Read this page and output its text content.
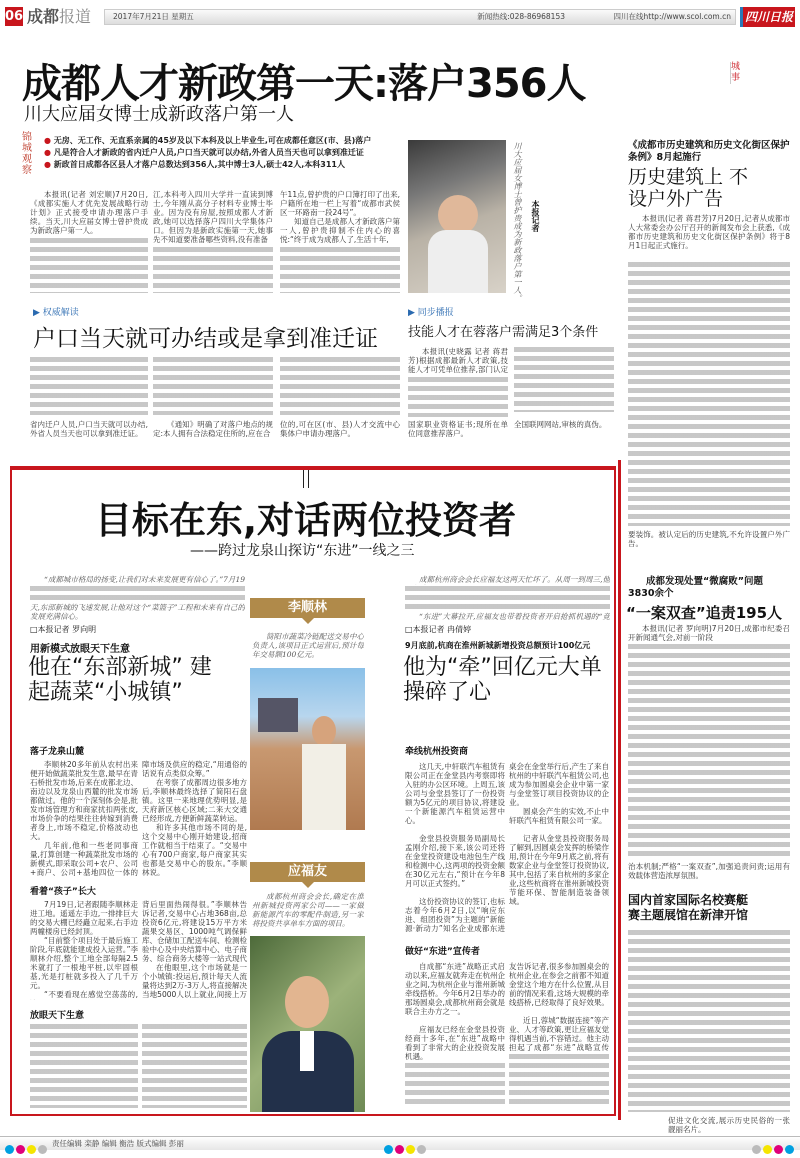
06 成都报道	2017年7月21日 星期五	新闻热线:028-86968153	四川在线http://www.scol.com.cn	四川日报
成都人才新政第一天:落户356人
川大应届女博士成新政落户第一人
城事
锦城观察
● 无房、无工作、无直系亲属的45岁及以下本科及以上毕业生,可在成都任意区(市、县)落户
● 凡是符合人才新政的省内迁户人员,户口当天就可以办结,外省人员当天也可以拿到准迁证
● 新政首日成都各区县人才落户总数达到356人,其中博士3人,硕士42人,本科311人
本报讯(记者 刘宏顺)7月20日,《成都实施人才优先发展战略行动计划》正式接受申请办理落户手续。当天,川大应届女博士曾护贵成为新政落户第一人。
江,本科考入四川大学并一直读到博士,今年刚从高分子材料专业博士毕业。因为没有房屋,按照成都人才新政,她可以选择落户四川大学集体户口。但因为是新政实施第一天,她事先不知道要准备哪些资料,没有准备
午11点,曾护贵的户口簿打印了出来,户籍所在地一栏上写着“成都市武侯区一环路南一段24号”。
知道自己是成都人才新政落户第一人,曾护贵抑制不住内心的喜悦:“终于成为成都人了,生活十年,	川大应届女博士曾护贵成为新政落户第一人。 本报记者
▶ 权威解读
户口当天就可办结或是拿到准迁证
省内迁户人员,户口当天就可以办结,外省人员当天也可以拿到准迁证。
《通知》明确了对落户地点的规定:本人拥有合法稳定住所的,应在合
位的,可在区(市、县)人才交流中心集体户申请办理落户。
▶ 同步播报
技能人才在蓉落户需满足3个条件
本报讯(史晓露 记者 蒋君芳)根据成都最新人才政策,技能人才可凭单位推荐,部门认定
国家职业资格证书;现所在单位同意推荐落户。
全国联网网站,审核的真伪。
《成都市历史建筑和历史文化街区保护条例》8月起施行
历史建筑上 不设户外广告
本报讯(记者 蒋君芳)7月20日,记者从成都市人大常委会办公厅召开的新闻发布会上获悉,《成都市历史建筑和历史文化街区保护条例》将于8月1日起正式施行。
要装饰。被认定后的历史建筑,不允许设置户外广告。
成都发现处置“微腐败”问题3830余个
“一案双查”追责195人
本报讯(记者 罗向明)7月20日,成都市纪委召开新闻通气会,对前一阶段
治本机制;严格“一案双查”,加强追责问责;运用有效载体营造浓厚氛围。
国内首家国际名校赛艇赛主题展馆在新津开馆
促进文化交流,展示历史民俗的一张靓丽名片。
目标在东,对话两位投资者
——跨过龙泉山探访“东进”一线之三
“成都城市格局的扬变,让我们对未来发展更有信心了。”7月19
天,东部新城的飞速发展,让他对这个“菜篮子”工程和未来有自己的发展充满信心。
成都杭州商会会长应福友这两天忙坏了。从周一到周三,他
“东进”大幕拉开,应福友也带着投资者开启抢抓机遇的“竞
李顺林
简阳市蔬菜冷链配送交易中心负责人,该项目正式运营后,预计每年交易额100亿元。
应福友
成都杭州商会会长,确定在淮州新城投资两家公司——一家做新能源汽车的零配件制造,另一家将投资共享单车方面的项目。
□本报记者 罗向明
用新模式放眼天下生意
他在“东部新城” 建起蔬菜“小城镇”
落子龙泉山麓
李顺林20多年前从农村出来便开始做蔬菜批发生意,最早在青石桥批发市场,后来在成都北边、南边以及龙泉山西麓的批发市场都做过。他的一个深刻体会是,批发市场管理方和商家扰扣两张皮,市场价争的结果往往转嫁到消费者身上,市场不稳定,价格波动也大。
几年前,他和一些老同事商量,打算创建一种蔬菜批发市场的新模式,即采取公司+农户、公司+商户、公司+基地四位一体的
障市场及供应的稳定,“用通俗的话说有点类似众筹。”
在考察了成都周边很多地方后,李顺林最终选择了简阳石盘镇。这里一来地理优势明显,是天府新区核心区域;二来大交通已经形成,方便新鲜蔬菜转运。
和许多其他市场不同的是,这个交易中心刚开始建设,招商工作就相当于结束了。“交易中心有700户商家,每户商家其实也都是交易中心的股东。”李顺林说。
看着“孩子”长大
7月19日,记者跟随李顺林走进工地。遥遥左手边,一排排巨大的交易大棚已经矗立起来,右手边两幢楼房已经封顶。
“目前整个项目处于最后施工阶段,年底就能建成投入运营。”李顺林介绍,整个工地全部每隔2.5米就打了一根地平桩,以牢固根基,光是打桩就多投入了几千万元。
“不要看现在感觉空荡荡的,
背后里面热闹得很。”李顺林告诉记者,交易中心占地368亩,总投资6亿元,将建设15万平方米蔬果交易区、1000吨气调保鲜库、仓储加工配送车间、检测检验中心及中央结算中心、电子商务、综合商务大楼等一站式现代
在他眼里,这个市场就是一个小城镇:投运后,预计每天人流量将达到2万-3万人,将直接解决当地5000人以上就业,间接上万
放眼天下生意
□本报记者 冉倩婷
9月底前,杭商在淮州新城新增投资总额预计100亿元
他为“牵”回亿元大单 操碎了心
牵线杭州投资商
这几天,中轩联汽车租赁有限公司正在金堂县内考察即将入驻的办公区环境。上周五,该公司与金堂县签订了一份投资额为5亿元的项目协议,将建设一个新能源汽车租赁运营中心。
金堂县投资服务局副局长孟刚介绍,接下来,该公司还将在金堂投资建设电池包生产线和检测中心,这两项的投资金额在30亿元左右,“预计在今年8月可以正式签约。”
这份投资协议的签订,也标志着今年6月2日,以“响应东进、组团投资”为主题的“新能源·新动力”知名企业成都东进
桌会在金堂举行后,产生了来自杭州的中轩联汽车租赁公司,也成为参加圆桌会企业中第一家与金堂签订项目投资协议的企业。
圆桌会产生的实效,不止中轩联汽车租赁有限公司一家。
记者从金堂县投资服务局了解到,因圆桌会发挥的桥梁作用,预计在今年9月底之前,将有数家企业与金堂签订投资协议,其中,包括了来自杭州的多家企业,这些杭商将在淮州新城投资节能环保、智能制造装备领域。
做好“东进”宣传者
自成都“东进”战略正式启动以来,应福友就奔走在杭州企业之间,为杭州企业与淮州新城牵线搭桥。今年6月2日举办的那场圆桌会,成都杭州商会就是联合主办方之一。
应福友已经在金堂县投资经商十多年,在“东进”战略中看到了非常大的企业投资发展机遇。
友告诉记者,很多参加圆桌会的杭州企业,在参会之前都不知道金堂这个地方在什么位置,从目前的情况来看,这场大规模的牵线搭桥,已经取得了良好效果。
近日,蓉城“数据连接”等产业、人才等政策,更让应福友觉得机遇当前,不容错过。他主动担起了成都“东进”战略宣传
责任编辑 栾静 编辑 衡浩 版式编辑 彭丽
